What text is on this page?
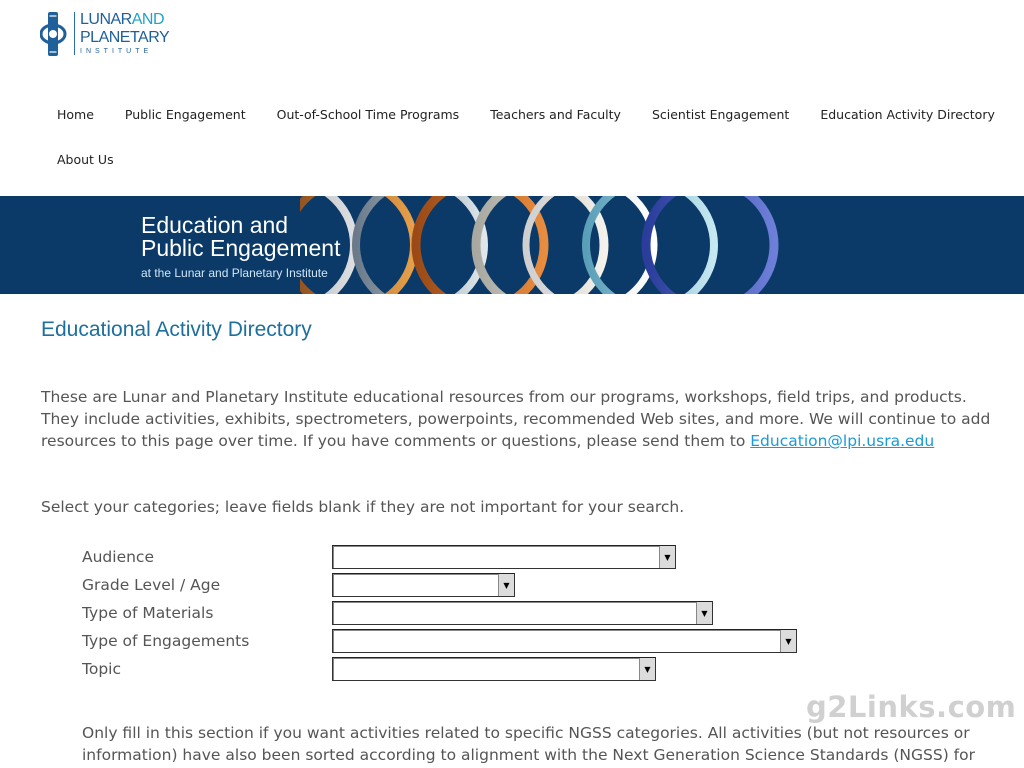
LUNARAND
PLANETARY
INSTITUTE
Home Public Engagement Out-of-School Time Programs Teachers and Faculty Scientist Engagement Education Activity Directory
About Us
Education and
Public Engagement
at the Lunar and Planetary Institute
Educational Activity Directory

These are Lunar and Planetary Institute educational resources from our programs, workshops, field trips, and products. They include activities, exhibits, spectrometers, powerpoints, recommended Web sites, and more. We will continue to add resources to this page over time. If you have comments or questions, please send them to Education@lpi.usra.edu

Select your categories; leave fields blank if they are not important for your search.

Audience	▼
Grade Level / Age	▼
Type of Materials	▼
Type of Engagements	▼
Topic	▼

Only fill in this section if you want activities related to specific NGSS categories. All activities (but not resources or information) have also been sorted according to alignment with the Next Generation Science Standards (NGSS) for

g2Links.com
